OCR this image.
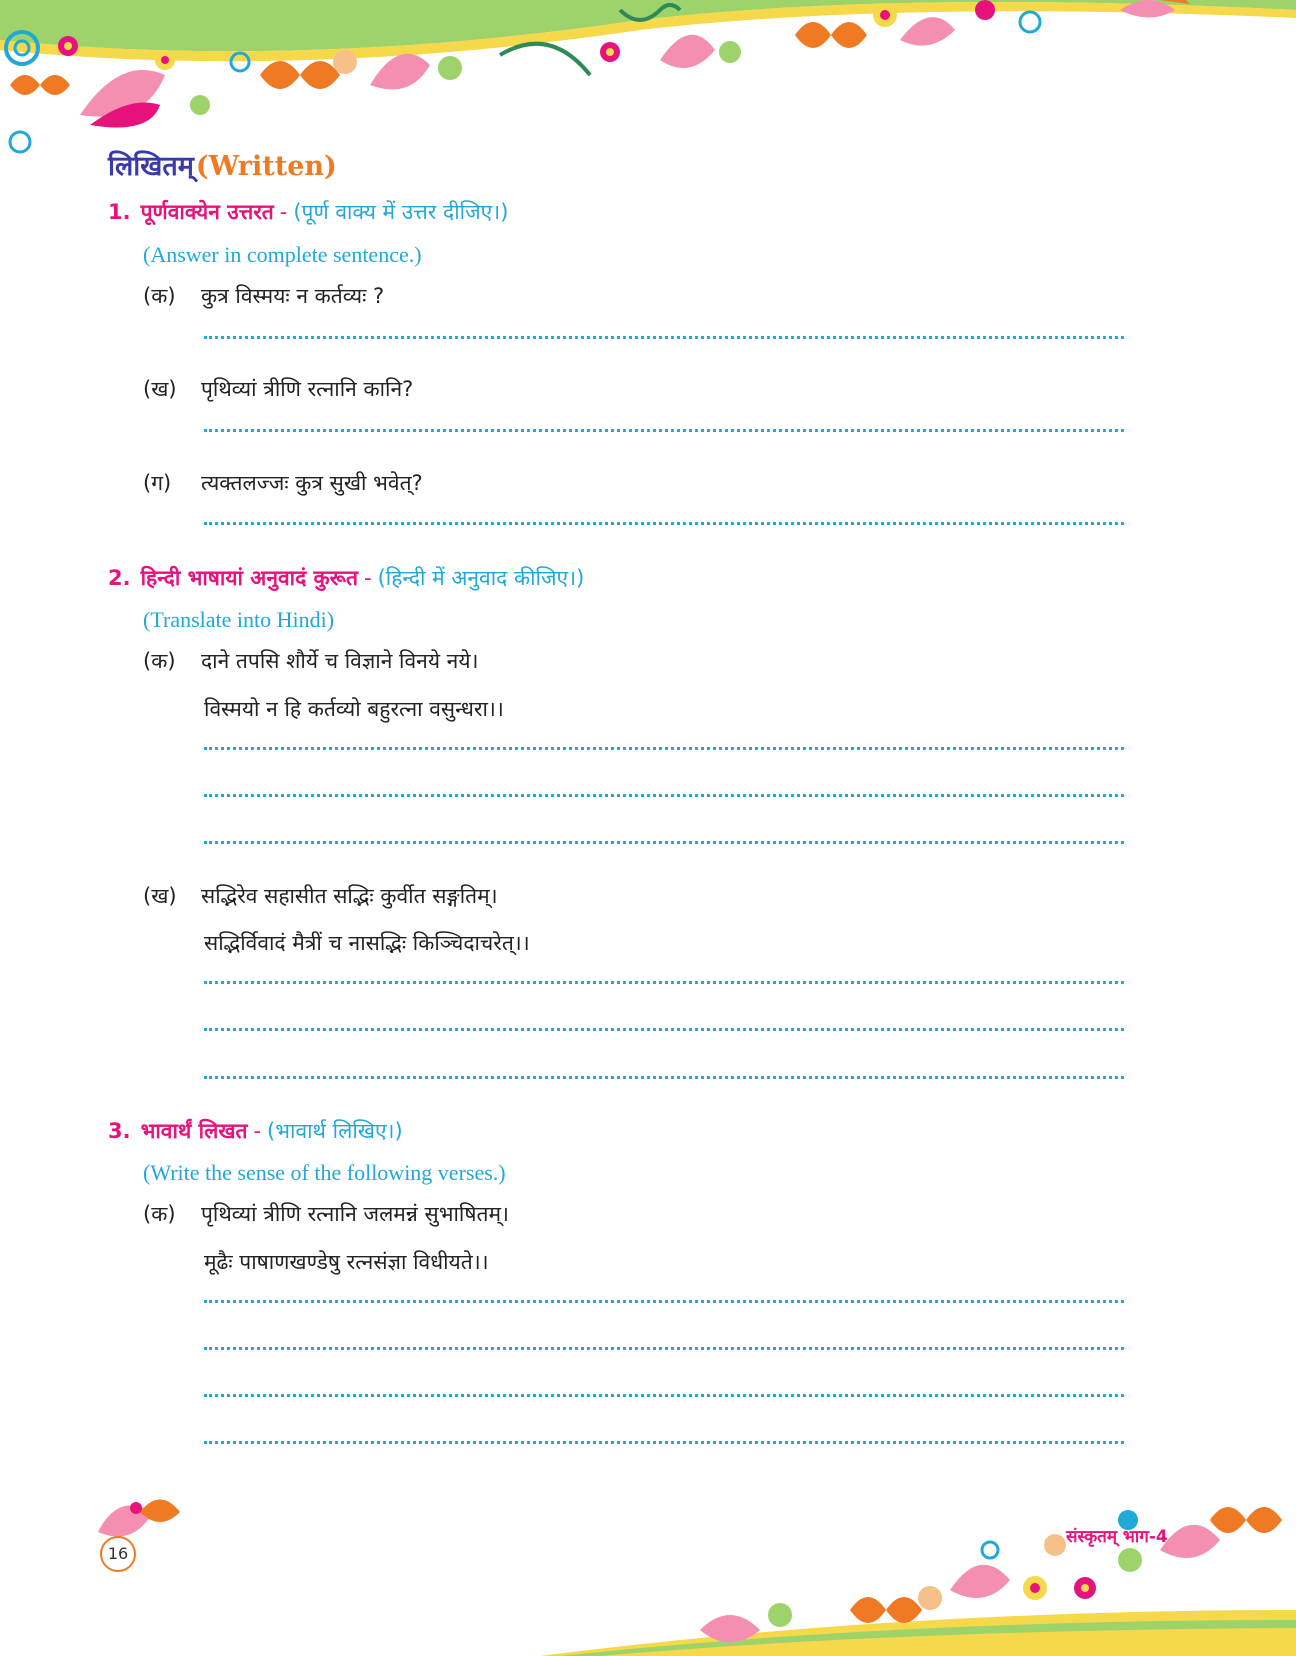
लिखितम्(Written)
1. पूर्णवाक्येन उत्तरत - (पूर्ण वाक्य में उत्तर दीजिए।)
(Answer in complete sentence.)
(क) कुत्र विस्मयः न कर्तव्यः ?
(ख) पृथिव्यां त्रीणि रत्नानि कानि?
(ग) त्यक्तलज्जः कुत्र सुखी भवेत्?
2. हिन्दी भाषायां अनुवादं कुरूत - (हिन्दी में अनुवाद कीजिए।)
(Translate into Hindi)
(क) दाने तपसि शौर्ये च विज्ञाने विनये नये।
विस्मयो न हि कर्तव्यो बहुरत्ना वसुन्धरा।।
(ख) सद्भिरेव सहासीत सद्भिः कुर्वीत सङ्गतिम्।
सद्भिर्विवादं मैत्रीं च नासद्भिः किञ्चिदाचरेत्।।
3. भावार्थं लिखत - (भावार्थ लिखिए।)
(Write the sense of the following verses.)
(क) पृथिव्यां त्रीणि रत्नानि जलमन्नं सुभाषितम्।
मूढैः पाषाणखण्डेषु रत्नसंज्ञा विधीयते।।
16
संस्कृतम् भाग-4
